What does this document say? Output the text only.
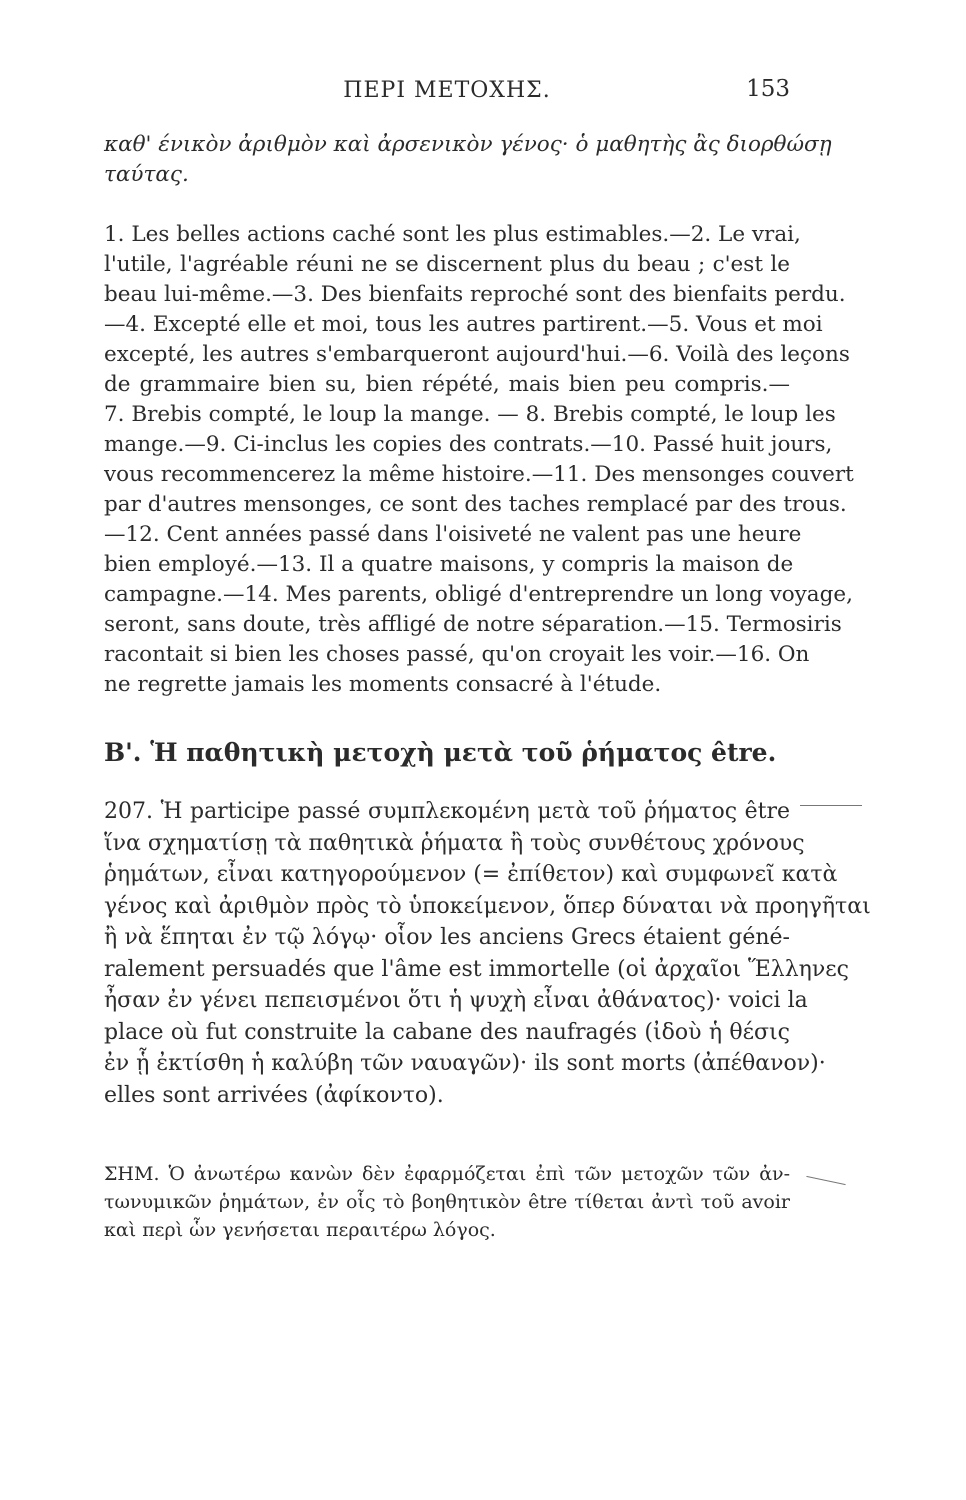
ΠΕΡΙ ΜΕΤΟΧΗΣ.	153
καθ' ένικὸν ἀριθμὸν καὶ ἀρσενικὸν γένος· ὁ μαθητὴς ἂς διορθώσῃ
ταύτας.
1. Les belles actions caché sont les plus estimables.—2. Le vrai,
l'utile, l'agréable réuni ne se discernent plus du beau ; c'est le
beau lui-même.—3. Des bienfaits reproché sont des bienfaits perdu.
—4. Excepté elle et moi, tous les autres partirent.—5. Vous et moi
excepté, les autres s'embarqueront aujourd'hui.—6. Voilà des leçons
de grammaire bien su, bien répété, mais bien peu compris.—
7. Brebis compté, le loup la mange. — 8. Brebis compté, le loup les
mange.—9. Ci-inclus les copies des contrats.—10. Passé huit jours,
vous recommencerez la même histoire.—11. Des mensonges couvert
par d'autres mensonges, ce sont des taches remplacé par des trous.
—12. Cent années passé dans l'oisiveté ne valent pas une heure
bien employé.—13. Il a quatre maisons, y compris la maison de
campagne.—14. Mes parents, obligé d'entreprendre un long voyage,
seront, sans doute, très affligé de notre séparation.—15. Termosiris
racontait si bien les choses passé, qu'on croyait les voir.—16. On
ne regrette jamais les moments consacré à l'étude.
B'. Ἡ παθητικὴ μετοχὴ μετὰ τοῦ ῥήματος être.
207. Ἡ participe passé συμπλεκομένη μετὰ τοῦ ῥήματος être
ἵνα σχηματίσῃ τὰ παθητικὰ ῥήματα ἢ τοὺς συνθέτους χρόνους
ῥημάτων, εἶναι κατηγορούμενον (= ἐπίθετον) καὶ συμφωνεῖ κατὰ
γένος καὶ ἀριθμὸν πρὸς τὸ ὑποκείμενον, ὅπερ δύναται νὰ προηγῆται
ἢ νὰ ἕπηται ἐν τῷ λόγῳ· οἷον les anciens Grecs étaient géné-
ralement persuadés que l'âme est immortelle (οἱ ἀρχαῖοι Ἕλληνες
ἦσαν ἐν γένει πεπεισμένοι ὅτι ἡ ψυχὴ εἶναι ἀθάνατος)· voici la
place où fut construite la cabane des naufragés (ἰδοὺ ἡ θέσις
ἐν ᾗ ἐκτίσθη ἡ καλύβη τῶν ναυαγῶν)· ils sont morts (ἀπέθανον)·
elles sont arrivées (ἀφίκοντο).
ΣΗΜ. Ὁ ἀνωτέρω κανὼν δὲν ἐφαρμόζεται ἐπὶ τῶν μετοχῶν τῶν ἀν-
τωνυμικῶν ῥημάτων, ἐν οἷς τὸ βοηθητικὸν être τίθεται ἀντὶ τοῦ avoir
καὶ περὶ ὧν γενήσεται περαιτέρω λόγος.
